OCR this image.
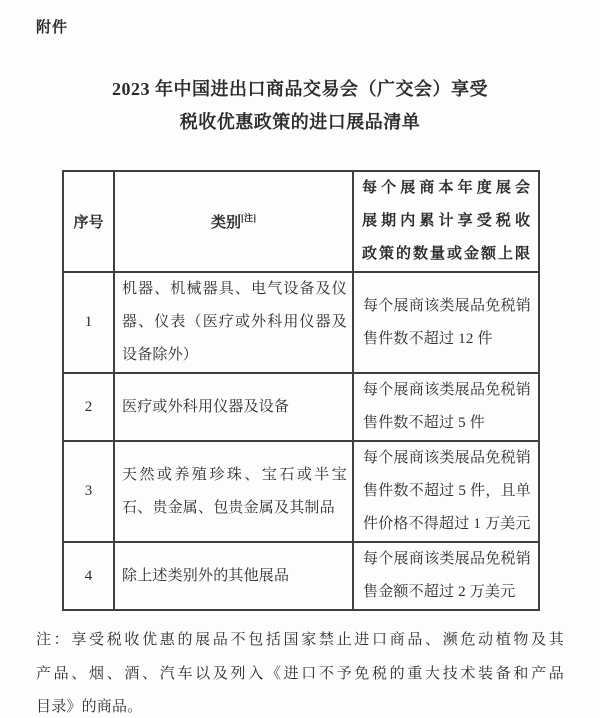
附件
2023 年中国进出口商品交易会（广交会）享受
税收优惠政策的进口展品清单
序号	类别[注]	每个展商本年度展会
展期内累计享受税收
政策的数量或金额上限

1	机器、机械器具、电气设备及仪器、仪表（医疗或外科用仪器及设备除外）	每个展商该类展品免税销售件数不超过 12 件

2	医疗或外科用仪器及设备	每个展商该类展品免税销售件数不超过 5 件

3	天然或养殖珍珠、宝石或半宝石、贵金属、包贵金属及其制品	每个展商该类展品免税销售件数不超过 5 件，且单件价格不得超过 1 万美元

4	除上述类别外的其他展品	每个展商该类展品免税销售金额不超过 2 万美元
注：享受税收优惠的展品不包括国家禁止进口商品、濒危动植物及其
产品、烟、酒、汽车以及列入《进口不予免税的重大技术装备和产品
目录》的商品。
